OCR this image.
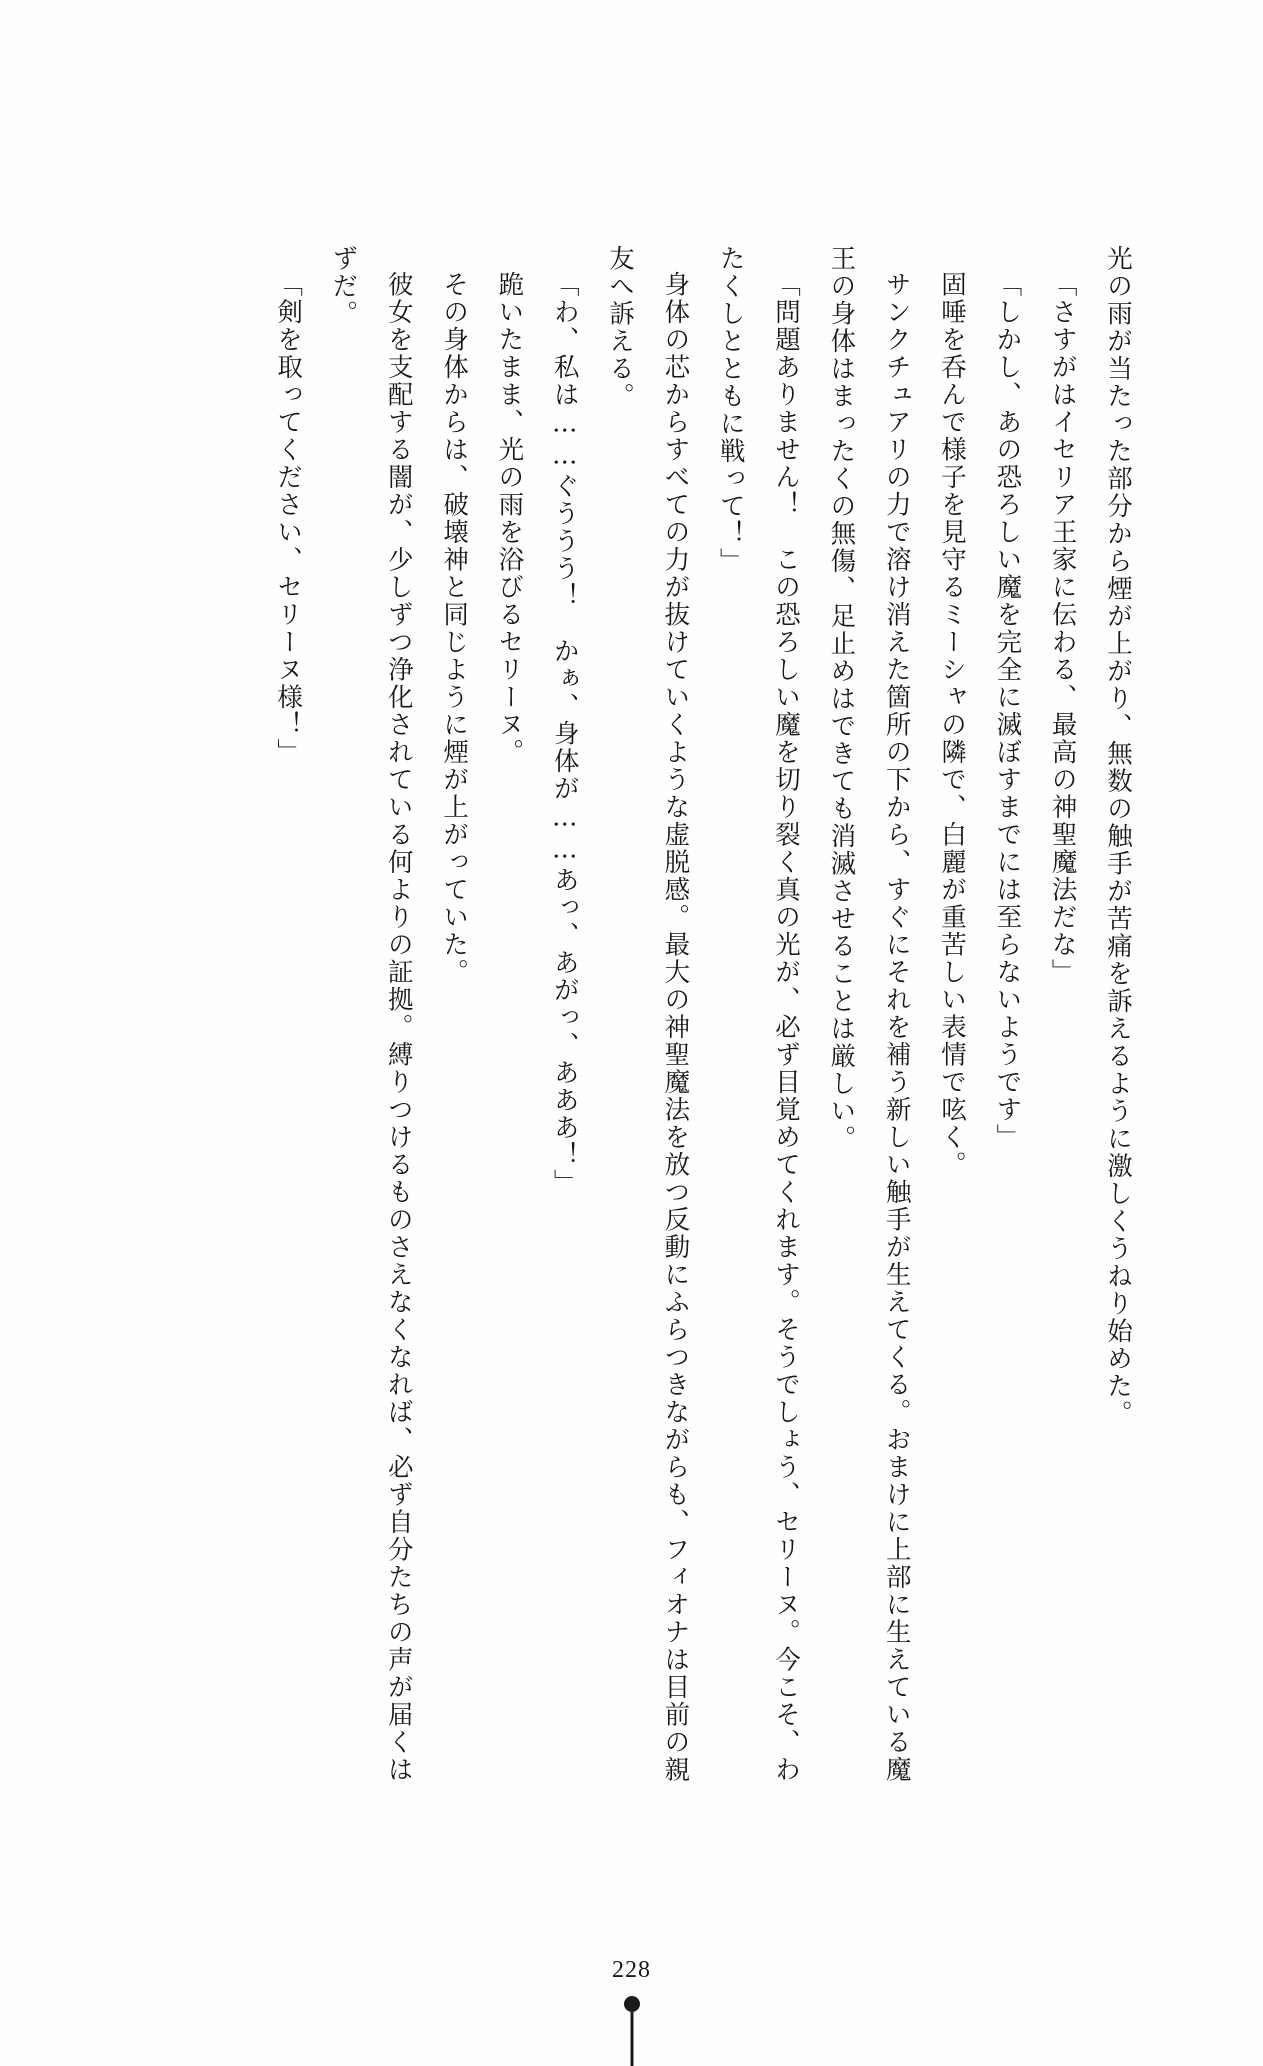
光の雨が当たった部分から煙が上がり、無数の触手が苦痛を訴えるように激しくうねり始めた。

「さすがはイセリア王家に伝わる、最高の神聖魔法だな」

「しかし、あの恐ろしい魔を完全に滅ぼすまでには至らないようです」

固唾を呑んで様子を見守るミーシャの隣で、白麗が重苦しい表情で呟く。

サンクチュアリの力で溶け消えた箇所の下から、すぐにそれを補う新しい触手が生えてくる。おまけに上部に生えている魔王の身体はまったくの無傷、足止めはできても消滅させることは厳しい。

「問題ありません！　この恐ろしい魔を切り裂く真の光が、必ず目覚めてくれます。そうでしょう、セリーヌ。今こそ、わたくしとともに戦って！」

身体の芯からすべての力が抜けていくような虚脱感。最大の神聖魔法を放つ反動にふらつきながらも、フィオナは目前の親友へ訴える。

「わ、私は……ぐううう！　かぁ、身体が……あっ、あがっ、あああ！」

跪いたまま、光の雨を浴びるセリーヌ。

その身体からは、破壊神と同じように煙が上がっていた。

彼女を支配する闇が、少しずつ浄化されている何よりの証拠。縛りつけるものさえなくなれば、必ず自分たちの声が届くはずだ。

「剣を取ってください、セリーヌ様！」

228
